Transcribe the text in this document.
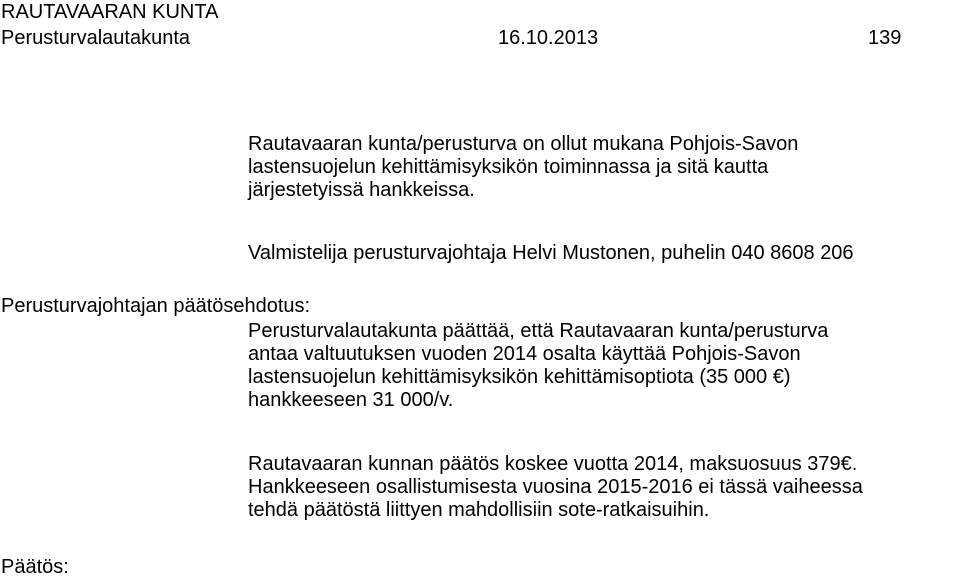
RAUTAVAARAN KUNTA
Perusturvalautakunta	16.10.2013	139
Rautavaaran kunta/perusturva on ollut mukana Pohjois-Savon
lastensuojelun kehittämisyksikön toiminnassa ja sitä kautta
järjestetyissä hankkeissa.
Valmistelija perusturvajohtaja Helvi Mustonen, puhelin 040 8608 206
Perusturvajohtajan päätösehdotus:
Perusturvalautakunta päättää, että Rautavaaran kunta/perusturva
antaa valtuutuksen vuoden 2014 osalta käyttää Pohjois-Savon
lastensuojelun kehittämisyksikön kehittämisoptiota (35 000 €)
hankkeeseen 31 000/v.
Rautavaaran kunnan päätös koskee vuotta 2014, maksuosuus 379€.
Hankkeeseen osallistumisesta vuosina 2015-2016 ei tässä vaiheessa
tehdä päätöstä liittyen mahdollisiin sote-ratkaisuihin.
Päätös:
